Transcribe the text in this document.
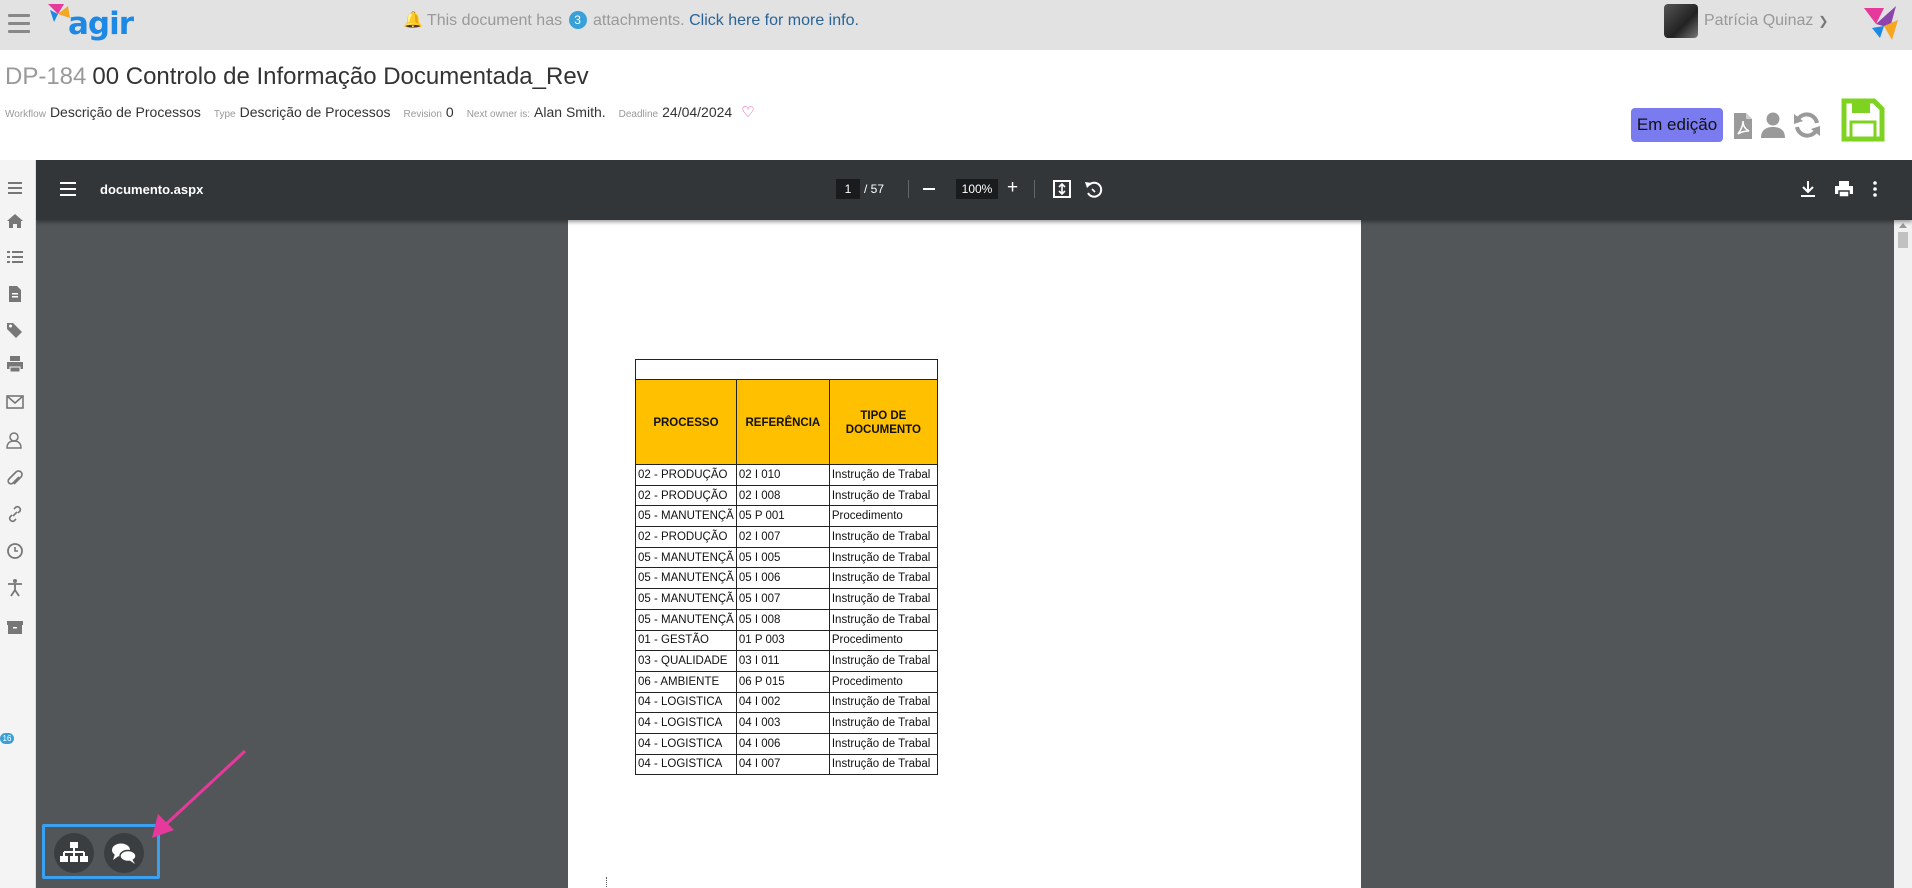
agir	🔔 This document has 3 attachments. Click here for more info.	Patrícia Quinaz ❯
DP-184 00 Controlo de Informação Documentada_Rev
Workflow Descrição de Processos Type Descrição de Processos Revision 0 Next owner is: Alan Smith. Deadline 24/04/2024 ♡
Em edição
16
documento.aspx	1	/ 57	100% +

PROCESSO	REFERÊNCIA	TIPO DE DOCUMENTO
02 - PRODUÇÃO	02 I 010	Instrução de Trabal
02 - PRODUÇÃO	02 I 008	Instrução de Trabal
05 - MANUTENÇÃ	05 P 001	Procedimento
02 - PRODUÇÃO	02 I 007	Instrução de Trabal
05 - MANUTENÇÃ	05 I 005	Instrução de Trabal
05 - MANUTENÇÃ	05 I 006	Instrução de Trabal
05 - MANUTENÇÃ	05 I 007	Instrução de Trabal
05 - MANUTENÇÃ	05 I 008	Instrução de Trabal
01 - GESTÃO	01 P 003	Procedimento
03 - QUALIDADE	03 I 011	Instrução de Trabal
06 - AMBIENTE	06 P 015	Procedimento
04 - LOGISTICA	04 I 002	Instrução de Trabal
04 - LOGISTICA	04 I 003	Instrução de Trabal
04 - LOGISTICA	04 I 006	Instrução de Trabal
04 - LOGISTICA	04 I 007	Instrução de Trabal
